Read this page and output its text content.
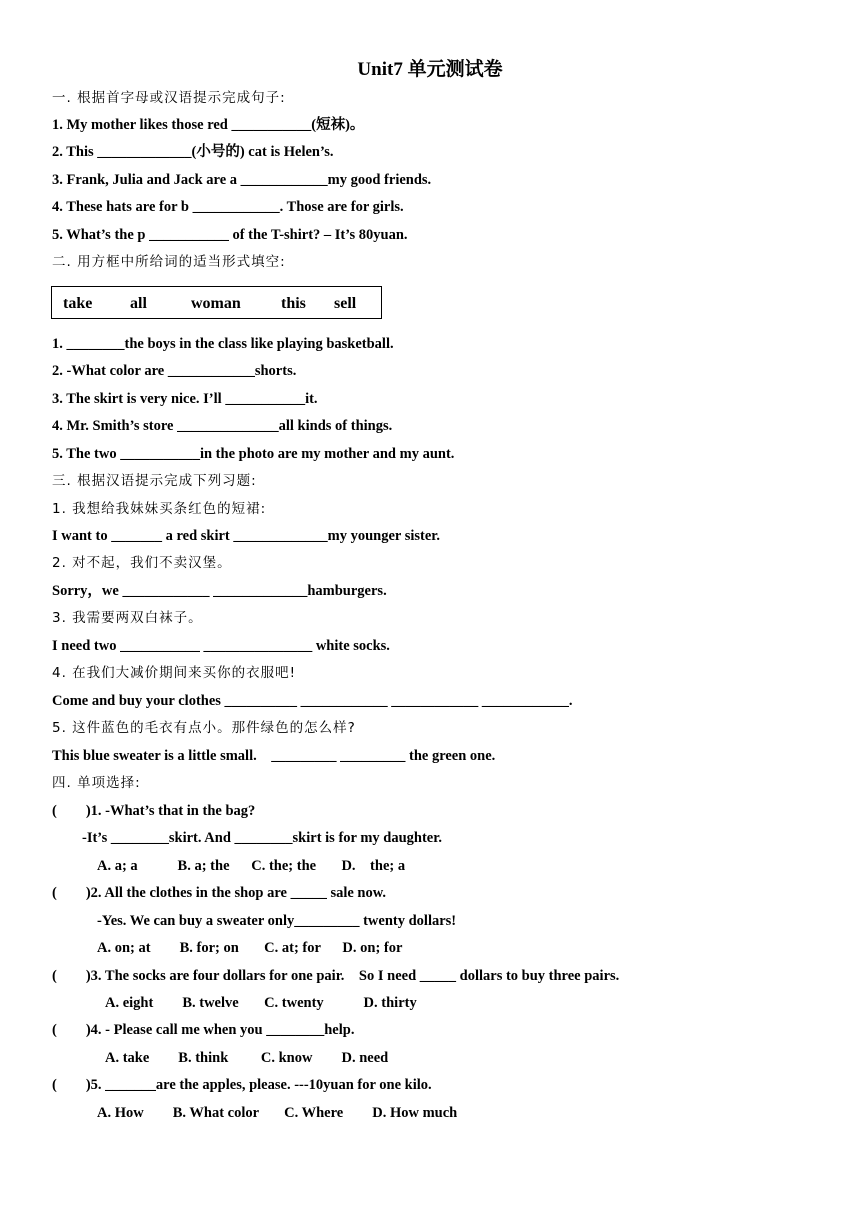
Unit7 单元测试卷
一. 根据首字母或汉语提示完成句子:
1. My mother likes those red ___________(短袜)。
2. This _____________(小号的) cat is Helen’s.
3. Frank, Julia and Jack are a ____________my good friends.
4. These hats are for b ____________. Those are for girls.
5. What’s the p ___________ of the T-shirt? – It’s 80yuan.
二. 用方框中所给词的适当形式填空:
take all	woman	this sell
1. ________the boys in the class like playing basketball.
2. -What color are ____________shorts.
3. The skirt is very nice. I’ll ___________it.
4. Mr. Smith’s store ______________all kinds of things.
5. The two ___________in the photo are my mother and my aunt.
三. 根据汉语提示完成下列习题:
1. 我想给我妹妹买条红色的短裙:
I want to _______ a red skirt _____________my younger sister.
2. 对不起，我们不卖汉堡。
Sorry，we ____________ _____________hamburgers.
3. 我需要两双白袜子。
I need two ___________ _______________ white socks.
4. 在我们大减价期间来买你的衣服吧!
Come and buy your clothes __________ ____________ ____________ ____________.
5. 这件蓝色的毛衣有点小。那件绿色的怎么样?
This blue sweater is a little small.    _________ _________ the green one.
四. 单项选择:
(        )1. -What’s that in the bag?
-It’s ________skirt. And ________skirt is for my daughter.
A. a; a           B. a; the      C. the; the       D.    the; a
(        )2. All the clothes in the shop are _____ sale now.
-Yes. We can buy a sweater only_________ twenty dollars!
A. on; at        B. for; on       C. at; for      D. on; for
(        )3. The socks are four dollars for one pair.    So I need _____ dollars to buy three pairs.
A. eight        B. twelve       C. twenty           D. thirty
(        )4. - Please call me when you ________help.
A. take        B. think         C. know        D. need
(        )5. _______are the apples, please. ---10yuan for one kilo.
A. How        B. What color       C. Where        D. How much
